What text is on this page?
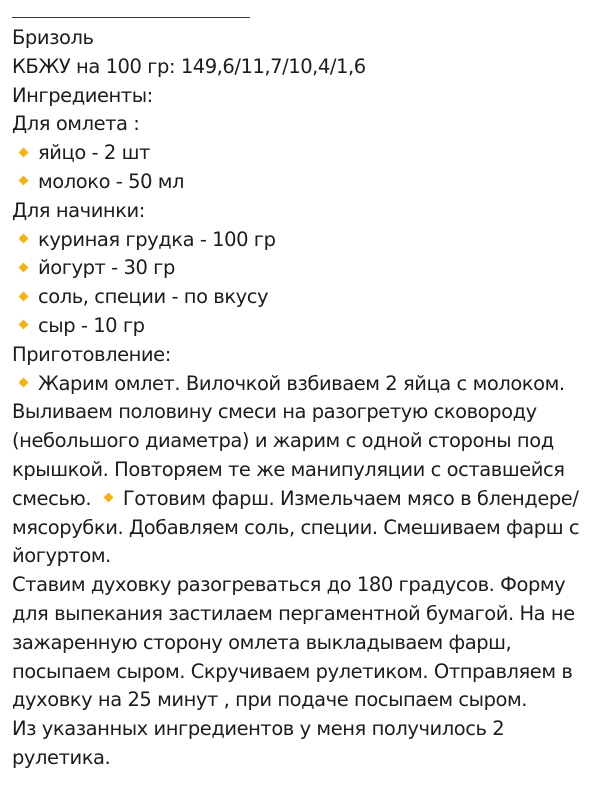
Бризоль
КБЖУ на 100 гр: 149,6/11,7/10,4/1,6
Ингредиенты:
Для омлета :
яйцо - 2 шт
молоко - 50 мл
Для начинки:
куриная грудка - 100 гр
йогурт - 30 гр
соль, специи - по вкусу
сыр - 10 гр
Приготовление:
Жарим омлет. Вилочкой взбиваем 2 яйца с молоком. Выливаем половину смеси на разогретую сковороду (небольшого диаметра) и жарим с одной стороны под крышкой. Повторяем те же манипуляции с оставшейся смесью. Готовим фарш. Измельчаем мясо в блендере/мясорубки. Добавляем соль, специи. Смешиваем фарш с йогуртом.
Ставим духовку разогреваться до 180 градусов. Форму для выпекания застилаем пергаментной бумагой. На не зажаренную сторону омлета выкладываем фарш, посыпаем сыром. Скручиваем рулетиком. Отправляем в духовку на 25 минут , при подаче посыпаем сыром.
Из указанных ингредиентов у меня получилось 2 рулетика.
